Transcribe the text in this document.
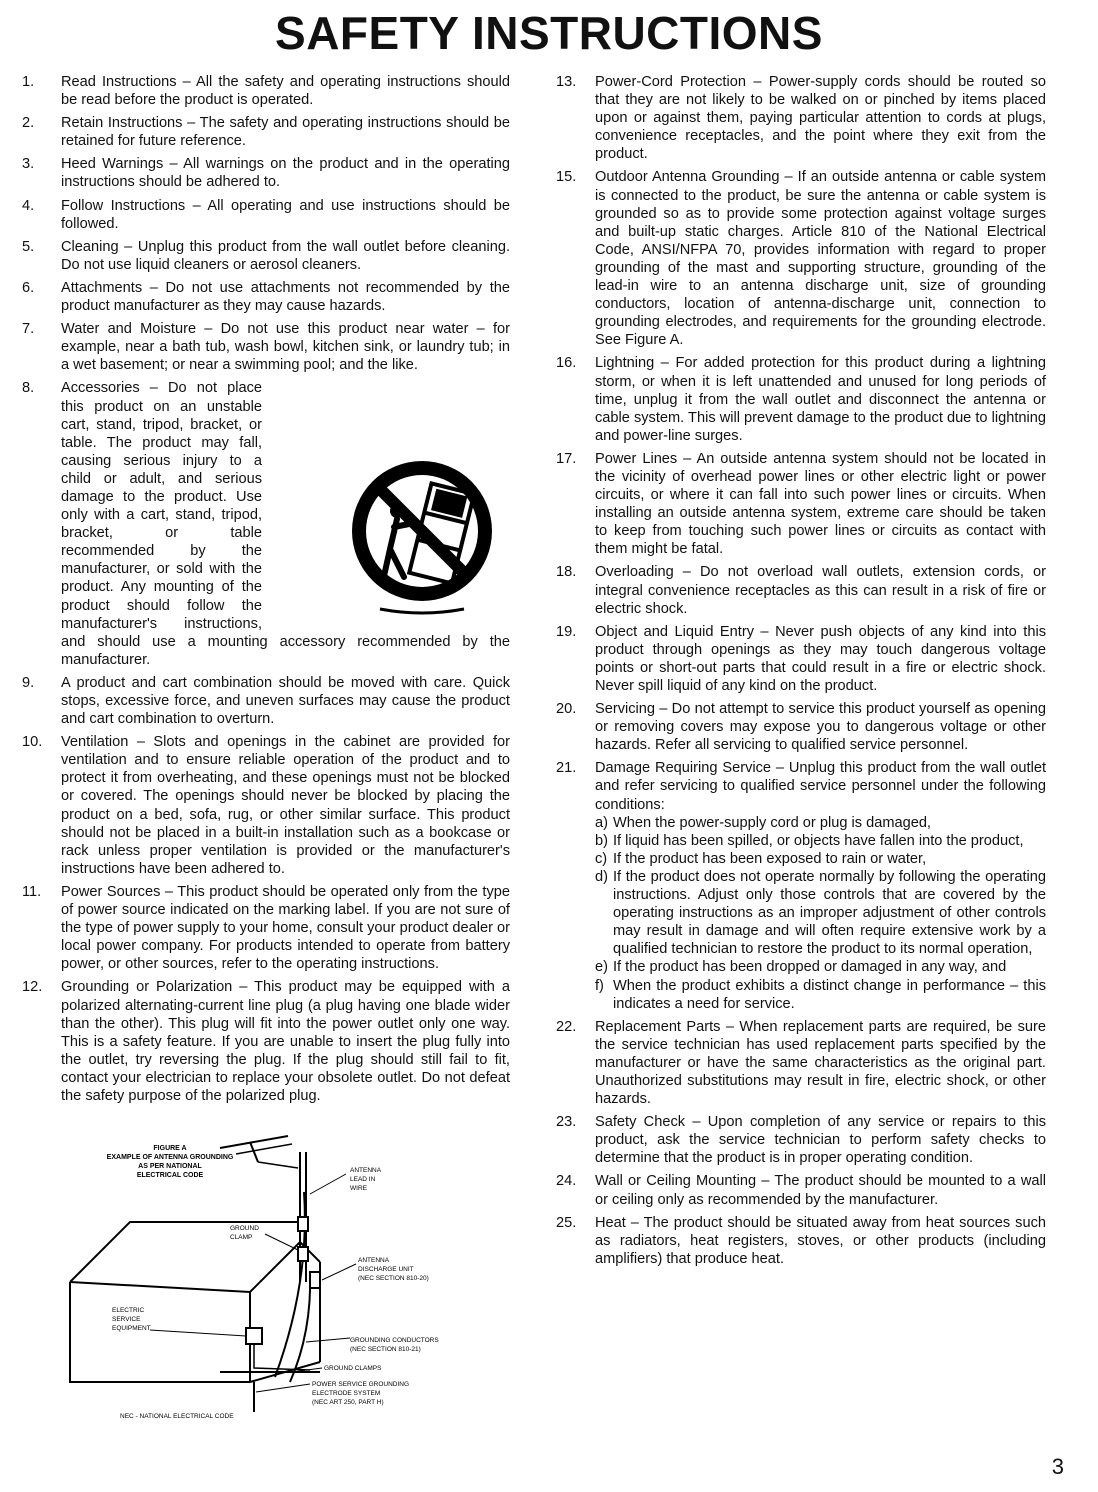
SAFETY INSTRUCTIONS
1. Read Instructions – All the safety and operating instructions should be read before the product is operated.
2. Retain Instructions – The safety and operating instructions should be retained for future reference.
3. Heed Warnings – All warnings on the product and in the operating instructions should be adhered to.
4. Follow Instructions – All operating and use instructions should be followed.
5. Cleaning – Unplug this product from the wall outlet before cleaning. Do not use liquid cleaners or aerosol cleaners.
6. Attachments – Do not use attachments not recommended by the product manufacturer as they may cause hazards.
7. Water and Moisture – Do not use this product near water – for example, near a bath tub, wash bowl, kitchen sink, or laundry tub; in a wet basement; or near a swimming pool; and the like.
8. Accessories – Do not place this product on an unstable cart, stand, tripod, bracket, or table. The product may fall, causing serious injury to a child or adult, and serious damage to the product. Use only with a cart, stand, tripod, bracket, or table recommended by the manufacturer, or sold with the product. Any mounting of the product should follow the manufacturer's instructions, and should use a mounting accessory recommended by the manufacturer.
9. A product and cart combination should be moved with care. Quick stops, excessive force, and uneven surfaces may cause the product and cart combination to overturn.
10. Ventilation – Slots and openings in the cabinet are provided for ventilation and to ensure reliable operation of the product and to protect it from overheating, and these openings must not be blocked or covered. The openings should never be blocked by placing the product on a bed, sofa, rug, or other similar surface. This product should not be placed in a built-in installation such as a bookcase or rack unless proper ventilation is provided or the manufacturer's instructions have been adhered to.
11. Power Sources – This product should be operated only from the type of power source indicated on the marking label. If you are not sure of the type of power supply to your home, consult your product dealer or local power company. For products intended to operate from battery power, or other sources, refer to the operating instructions.
12. Grounding or Polarization – This product may be equipped with a polarized alternating-current line plug (a plug having one blade wider than the other). This plug will fit into the power outlet only one way. This is a safety feature. If you are unable to insert the plug fully into the outlet, try reversing the plug. If the plug should still fail to fit, contact your electrician to replace your obsolete outlet. Do not defeat the safety purpose of the polarized plug.
FIGURE A
EXAMPLE OF ANTENNA GROUNDING
AS PER NATIONAL
ELECTRICAL CODE
ANTENNA
LEAD IN
WIRE
GROUND
CLAMP
ANTENNA
DISCHARGE UNIT
(NEC SECTION 810-20)
ELECTRIC
SERVICE
EQUIPMENT
GROUNDING CONDUCTORS
(NEC SECTION 810-21)
GROUND CLAMPS
POWER SERVICE GROUNDING
ELECTRODE SYSTEM
(NEC ART 250, PART H)
NEC - NATIONAL ELECTRICAL CODE
13. Power-Cord Protection – Power-supply cords should be routed so that they are not likely to be walked on or pinched by items placed upon or against them, paying particular attention to cords at plugs, convenience receptacles, and the point where they exit from the product.
15. Outdoor Antenna Grounding – If an outside antenna or cable system is connected to the product, be sure the antenna or cable system is grounded so as to provide some protection against voltage surges and built-up static charges. Article 810 of the National Electrical Code, ANSI/NFPA 70, provides information with regard to proper grounding of the mast and supporting structure, grounding of the lead-in wire to an antenna discharge unit, size of grounding conductors, location of antenna-discharge unit, connection to grounding electrodes, and requirements for the grounding electrode. See Figure A.
16. Lightning – For added protection for this product during a lightning storm, or when it is left unattended and unused for long periods of time, unplug it from the wall outlet and disconnect the antenna or cable system. This will prevent damage to the product due to lightning and power-line surges.
17. Power Lines – An outside antenna system should not be located in the vicinity of overhead power lines or other electric light or power circuits, or where it can fall into such power lines or circuits. When installing an outside antenna system, extreme care should be taken to keep from touching such power lines or circuits as contact with them might be fatal.
18. Overloading – Do not overload wall outlets, extension cords, or integral convenience receptacles as this can result in a risk of fire or electric shock.
19. Object and Liquid Entry – Never push objects of any kind into this product through openings as they may touch dangerous voltage points or short-out parts that could result in a fire or electric shock. Never spill liquid of any kind on the product.
20. Servicing – Do not attempt to service this product yourself as opening or removing covers may expose you to dangerous voltage or other hazards. Refer all servicing to qualified service personnel.
21. Damage Requiring Service – Unplug this product from the wall outlet and refer servicing to qualified service personnel under the following conditions:
a) When the power-supply cord or plug is damaged,
b) If liquid has been spilled, or objects have fallen into the product,
c) If the product has been exposed to rain or water,
d) If the product does not operate normally by following the operating instructions. Adjust only those controls that are covered by the operating instructions as an improper adjustment of other controls may result in damage and will often require extensive work by a qualified technician to restore the product to its normal operation,
e) If the product has been dropped or damaged in any way, and
f) When the product exhibits a distinct change in performance – this indicates a need for service.
22. Replacement Parts – When replacement parts are required, be sure the service technician has used replacement parts specified by the manufacturer or have the same characteristics as the original part. Unauthorized substitutions may result in fire, electric shock, or other hazards.
23. Safety Check – Upon completion of any service or repairs to this product, ask the service technician to perform safety checks to determine that the product is in proper operating condition.
24. Wall or Ceiling Mounting – The product should be mounted to a wall or ceiling only as recommended by the manufacturer.
25. Heat – The product should be situated away from heat sources such as radiators, heat registers, stoves, or other products (including amplifiers) that produce heat.
3
